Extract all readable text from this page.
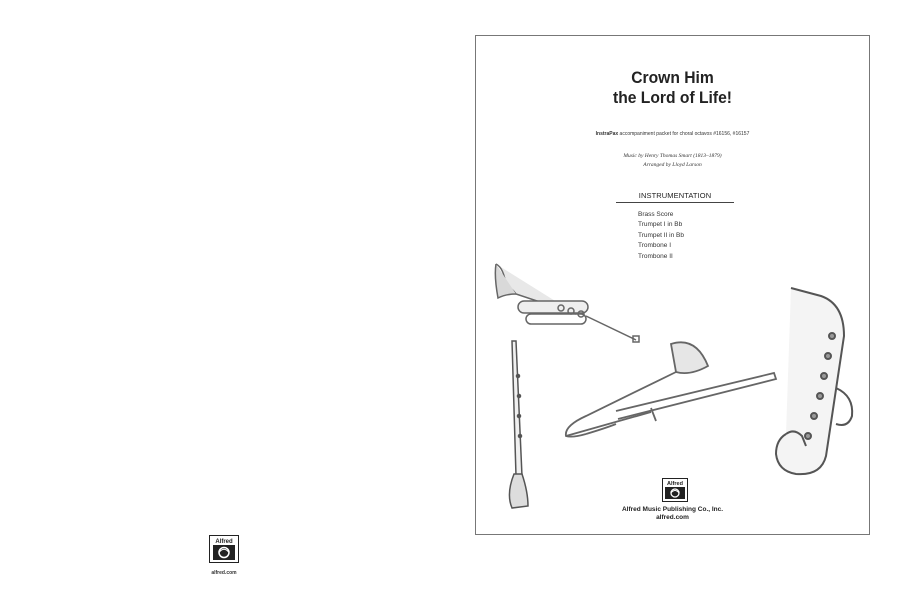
Alfred
alfred.com
Crown Him
the Lord of Life!
InstraPax accompaniment packet for choral octavos #16156, #16157
Music by Henry Thomas Smart (1813–1879)
Arranged by Lloyd Larson
INSTRUMENTATION
Brass Score
Trumpet I in Bb
Trumpet II in Bb
Trombone I
Trombone II
Alfred
Alfred Music Publishing Co., Inc.
alfred.com
